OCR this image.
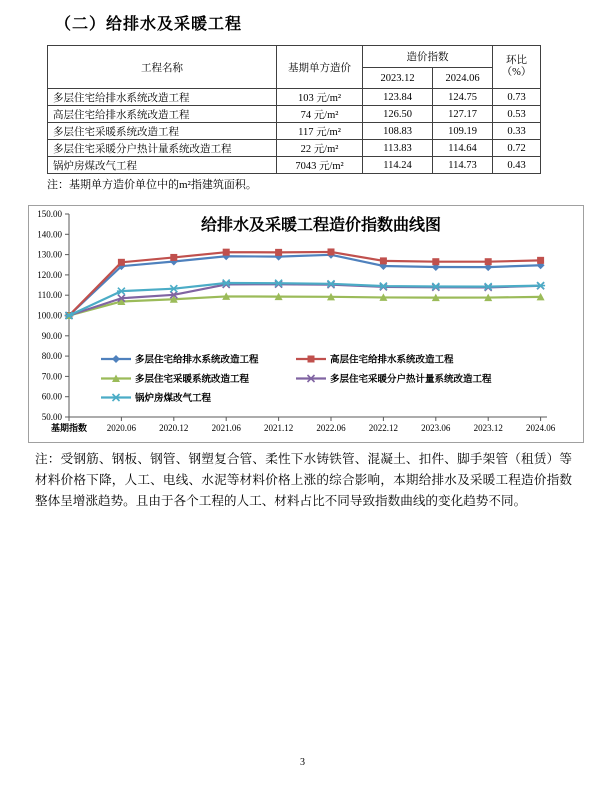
（二）给排水及采暖工程
工程名称	基期单方造价	造价指数		环比
（%）
		2023.12	2024.06	
多层住宅给排水系统改造工程	103 元/m²	123.84	124.75	0.73
高层住宅给排水系统改造工程	74 元/m²	126.50	127.17	0.53
多层住宅采暖系统改造工程	117 元/m²	108.83	109.19	0.33
多层住宅采暖分户热计量系统改造工程	22 元/m²	113.83	114.64	0.72
锅炉房煤改气工程	7043 元/m²	114.24	114.73	0.43
注：基期单方造价单位中的m²指建筑面积。
给排水及采暖工程造价指数曲线图
150.00
140.00
130.00
120.00
110.00
100.00
90.00
80.00
70.00
60.00
50.00
基期指数 2020.06	2020.12	2021.06	2021.12	2022.06	2022.12	2023.06	2023.12	2024.06
多层住宅给排水系统改造工程	高层住宅给排水系统改造工程
多层住宅采暖系统改造工程	多层住宅采暖分户热计量系统改造工程
锅炉房煤改气工程
注：受钢筋、钢板、钢管、钢塑复合管、柔性下水铸铁管、混凝土、扣件、脚手架管（租赁）等材料价格下降，人工、电线、水泥等材料价格上涨的综合影响，本期给排水及采暖工程造价指数整体呈增涨趋势。且由于各个工程的人工、材料占比不同导致指数曲线的变化趋势不同。
3
